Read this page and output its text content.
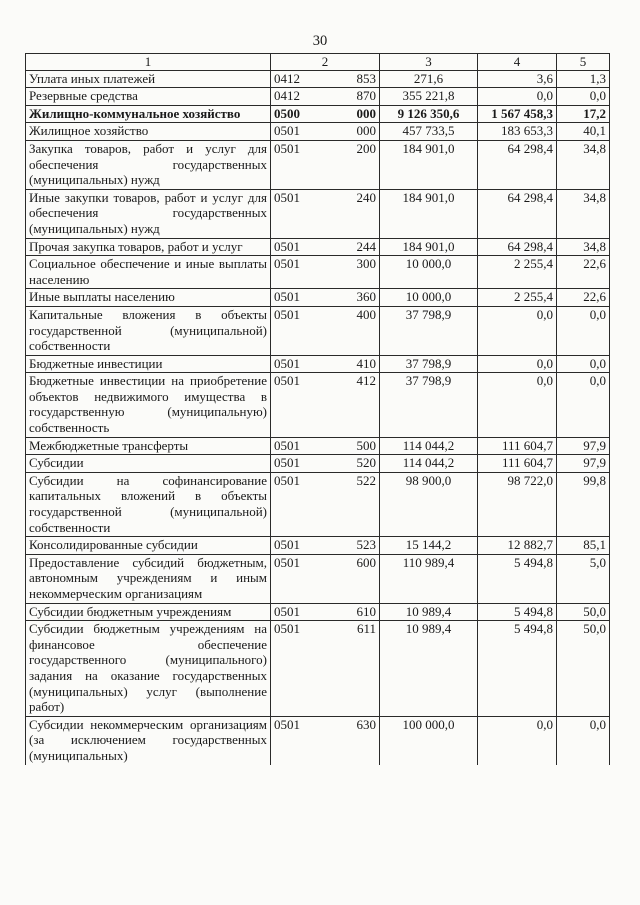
30
1	2		3	4	5
Уплата иных платежей	0412	853	271,6	3,6	1,3
Резервные средства	0412	870	355 221,8	0,0	0,0
Жилищно-коммунальное хозяйство	0500	000	9 126 350,6	1 567 458,3	17,2
Жилищное хозяйство	0501	000	457 733,5	183 653,3	40,1
Закупка товаров, работ и услуг для обеспечения государственных (муниципальных) нужд	0501	200	184 901,0	64 298,4	34,8
Иные закупки товаров, работ и услуг для обеспечения государственных (муниципальных) нужд	0501	240	184 901,0	64 298,4	34,8
Прочая закупка товаров, работ и услуг	0501	244	184 901,0	64 298,4	34,8
Социальное обеспечение и иные выплаты населению	0501	300	10 000,0	2 255,4	22,6
Иные выплаты населению	0501	360	10 000,0	2 255,4	22,6
Капитальные вложения в объекты государственной (муниципальной) собственности	0501	400	37 798,9	0,0	0,0
Бюджетные инвестиции	0501	410	37 798,9	0,0	0,0
Бюджетные инвестиции на приобретение объектов недвижимого имущества в государственную (муниципальную) собственность	0501	412	37 798,9	0,0	0,0
Межбюджетные трансферты	0501	500	114 044,2	111 604,7	97,9
Субсидии	0501	520	114 044,2	111 604,7	97,9
Субсидии на софинансирование капитальных вложений в объекты государственной (муниципальной) собственности	0501	522	98 900,0	98 722,0	99,8
Консолидированные субсидии	0501	523	15 144,2	12 882,7	85,1
Предоставление субсидий бюджетным, автономным учреждениям и иным некоммерческим организациям	0501	600	110 989,4	5 494,8	5,0
Субсидии бюджетным учреждениям	0501	610	10 989,4	5 494,8	50,0
Субсидии бюджетным учреждениям на финансовое обеспечение государственного (муниципального) задания на оказание государственных (муниципальных) услуг (выполнение работ)	0501	611	10 989,4	5 494,8	50,0
Субсидии некоммерческим организациям (за исключением государственных (муниципальных)	0501	630	100 000,0	0,0	0,0
